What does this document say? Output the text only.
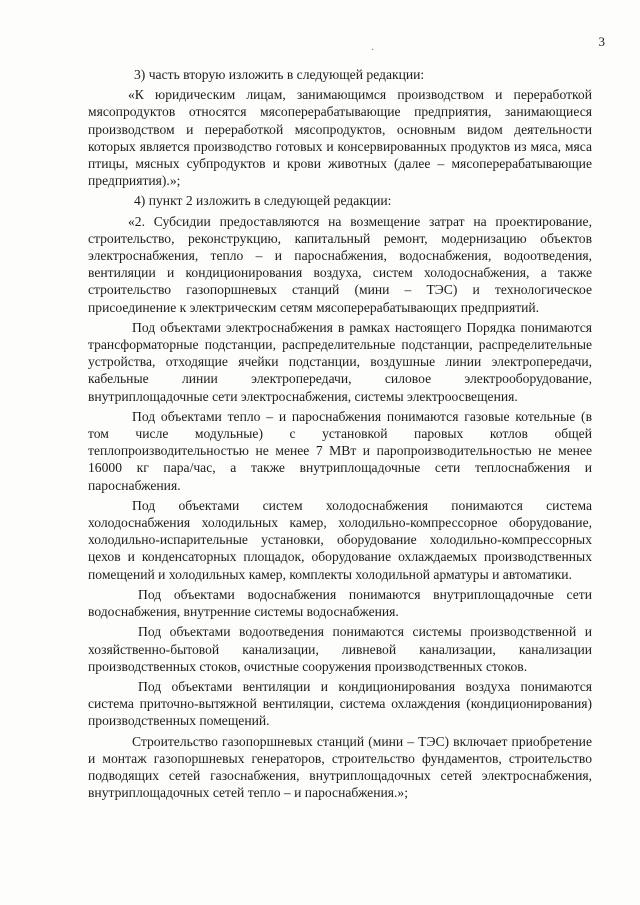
3
·

3) часть вторую изложить в следующей редакции:

«К юридическим лицам, занимающимся производством и переработкой мясопродуктов относятся мясоперерабатывающие предприятия, занимающиеся производством и переработкой мясопродуктов, основным видом деятельности которых является производство готовых и консервированных продуктов из мяса, мяса птицы, мясных субпродуктов и крови животных (далее – мясоперерабатывающие предприятия).»;

4) пункт 2 изложить в следующей редакции:

«2. Субсидии предоставляются на возмещение затрат на проектирование, строительство, реконструкцию, капитальный ремонт, модернизацию объектов электроснабжения, тепло – и пароснабжения, водоснабжения, водоотведения, вентиляции и кондиционирования воздуха, систем холодоснабжения, а также строительство газопоршневых станций (мини – ТЭС) и технологическое присоединение к электрическим сетям мясоперерабатывающих предприятий.

Под объектами электроснабжения в рамках настоящего Порядка понимаются трансформаторные подстанции, распределительные подстанции, распределительные устройства, отходящие ячейки подстанции, воздушные линии электропередачи, кабельные линии электропередачи, силовое электрооборудование, внутриплощадочные сети электроснабжения, системы электроосвещения.

Под объектами тепло – и пароснабжения понимаются газовые котельные (в том числе модульные) с установкой паровых котлов общей теплопроизводительностью не менее 7 МВт и паропроизводительностью не менее 16000 кг пара/час, а также внутриплощадочные сети теплоснабжения и пароснабжения.

Под объектами систем холодоснабжения понимаются система холодоснабжения холодильных камер, холодильно-компрессорное оборудование, холодильно-испарительные установки, оборудование холодильно-компрессорных цехов и конденсаторных площадок, оборудование охлаждаемых производственных помещений и холодильных камер, комплекты холодильной арматуры и автоматики.

Под объектами водоснабжения понимаются внутриплощадочные сети водоснабжения, внутренние системы водоснабжения.

Под объектами водоотведения понимаются системы производственной и хозяйственно-бытовой канализации, ливневой канализации, канализации производственных стоков, очистные сооружения производственных стоков.

Под объектами вентиляции и кондиционирования воздуха понимаются система приточно-вытяжной вентиляции, система охлаждения (кондиционирования) производственных помещений.

Строительство газопоршневых станций (мини – ТЭС) включает приобретение и монтаж газопоршневых генераторов, строительство фундаментов, строительство подводящих сетей газоснабжения, внутриплощадочных сетей электроснабжения, внутриплощадочных сетей тепло – и пароснабжения.»;
